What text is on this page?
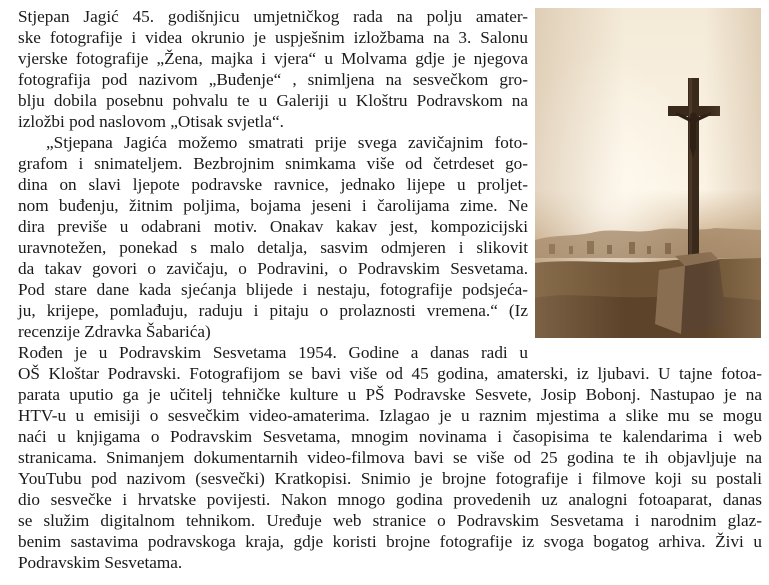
Stjepan Jagić 45. godišnjicu umjetničkog rada na polju amater-
ske fotografije i videa okrunio je uspješnim izložbama na 3. Salonu
vjerske fotografije „Žena, majka i vjera“ u Molvama gdje je njegova
fotografija pod nazivom „Buđenje“ , snimljena na sesvečkom gro-
blju dobila posebnu pohvalu te u Galeriji u Kloštru Podravskom na
izložbi pod naslovom „Otisak svjetla“.
„Stjepana Jagića možemo smatrati prije svega zavičajnim foto-
grafom i snimateljem. Bezbrojnim snimkama više od četrdeset go-
dina on slavi ljepote podravske ravnice, jednako lijepe u proljet-
nom buđenju, žitnim poljima, bojama jeseni i čarolijama zime. Ne
dira previše u odabrani motiv. Onakav kakav jest, kompozicijski
uravnotežen, ponekad s malo detalja, sasvim odmjeren i slikovit
da takav govori o zavičaju, o Podravini, o Podravskim Sesvetama.
Pod stare dane kada sjećanja blijede i nestaju, fotografije podsjeća-
ju, krijepe, pomlađuju, raduju i pitaju o prolaznosti vremena.“ (Iz
recenzije Zdravka Šabarića)
Rođen je u Podravskim Sesvetama 1954. Godine a danas radi u
OŠ Kloštar Podravski. Fotografijom se bavi više od 45 godina, amaterski, iz ljubavi. U tajne fotoa-
parata uputio ga je učitelj tehničke kulture u PŠ Podravske Sesvete, Josip Bobonj. Nastupao je na
HTV-u u emisiji o sesvečkim video-amaterima. Izlagao je u raznim mjestima a slike mu se mogu
naći u knjigama o Podravskim Sesvetama, mnogim novinama i časopisima te kalendarima i web
stranicama. Snimanjem dokumentarnih video-filmova bavi se više od 25 godina te ih objavljuje na
YouTubu pod nazivom (sesvečki) Kratkopisi. Snimio je brojne fotografije i filmove koji su postali
dio sesvečke i hrvatske povijesti. Nakon mnogo godina provedenih uz analogni fotoaparat, danas
se služim digitalnom tehnikom. Uređuje web stranice o Podravskim Sesvetama i narodnim glaz-
benim sastavima podravskoga kraja, gdje koristi brojne fotografije iz svoga bogatog arhiva. Živi u
Podravskim Sesvetama.
